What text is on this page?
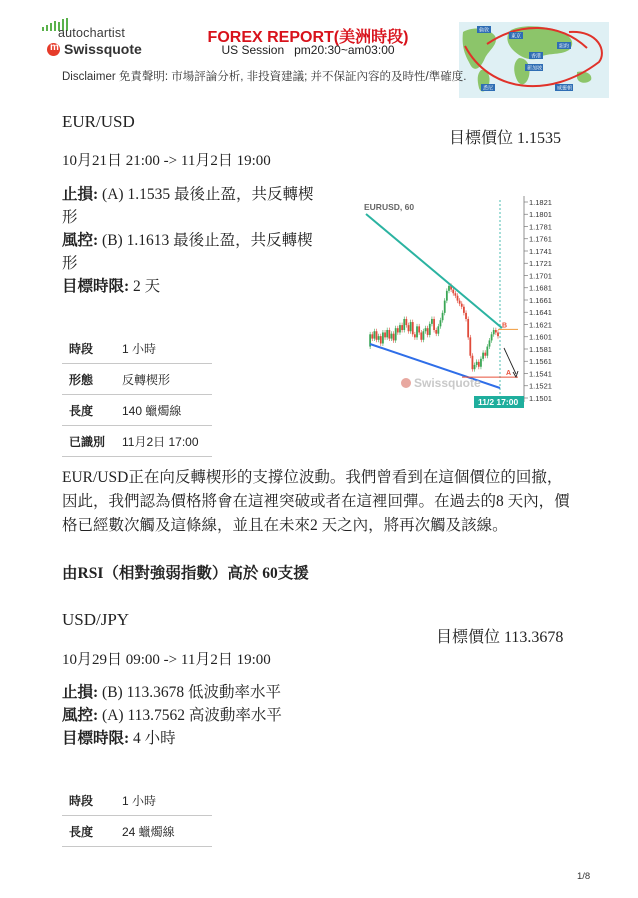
autochartist
m Swissquote
FOREX REPORT(美洲時段)
US Session   pm20:30~am03:00
倫敦
東京
紐約
香港
新加坡
悉尼	威靈頓
Disclaimer 免責聲明: 市場評論分析, 非投資建議; 并不保証內容的及時性/準確度.
EUR/USD
目標價位 1.1535
10月21日 21:00 -> 11月2日 19:00
止損: (A) 1.1535 最後止盈，共反轉楔形
風控: (B) 1.1613 最後止盈，共反轉楔形
目標時限: 2 天
時段	1 小時
形態	反轉楔形
長度	140 蠟燭線
已識別	11月2日 17:00
EURUSD, 60	1.1821
1.1801
1.1781
1.1761
1.1741
1.1721
1.1701
1.1681
1.1661
1.1641
1.1621
1.1601
1.1581
1.1561
1.1541
1.1521
1.1501
B
A
Swissquote
11/2 17:00
EUR/USD正在向反轉楔形的支撐位波動。我們曾看到在這個價位的回撤，因此，我們認為價格將會在這裡突破或者在這裡回彈。在過去的8 天內，價格已經數次觸及這條線，並且在未來2 天之內，將再次觸及該線。
由RSI（相對強弱指數）高於 60支援
USD/JPY
目標價位 113.3678
10月29日 09:00 -> 11月2日 19:00
止損: (B) 113.3678 低波動率水平
風控: (A) 113.7562 高波動率水平
目標時限: 4 小時
時段	1 小時
長度	24 蠟燭線
1/8
